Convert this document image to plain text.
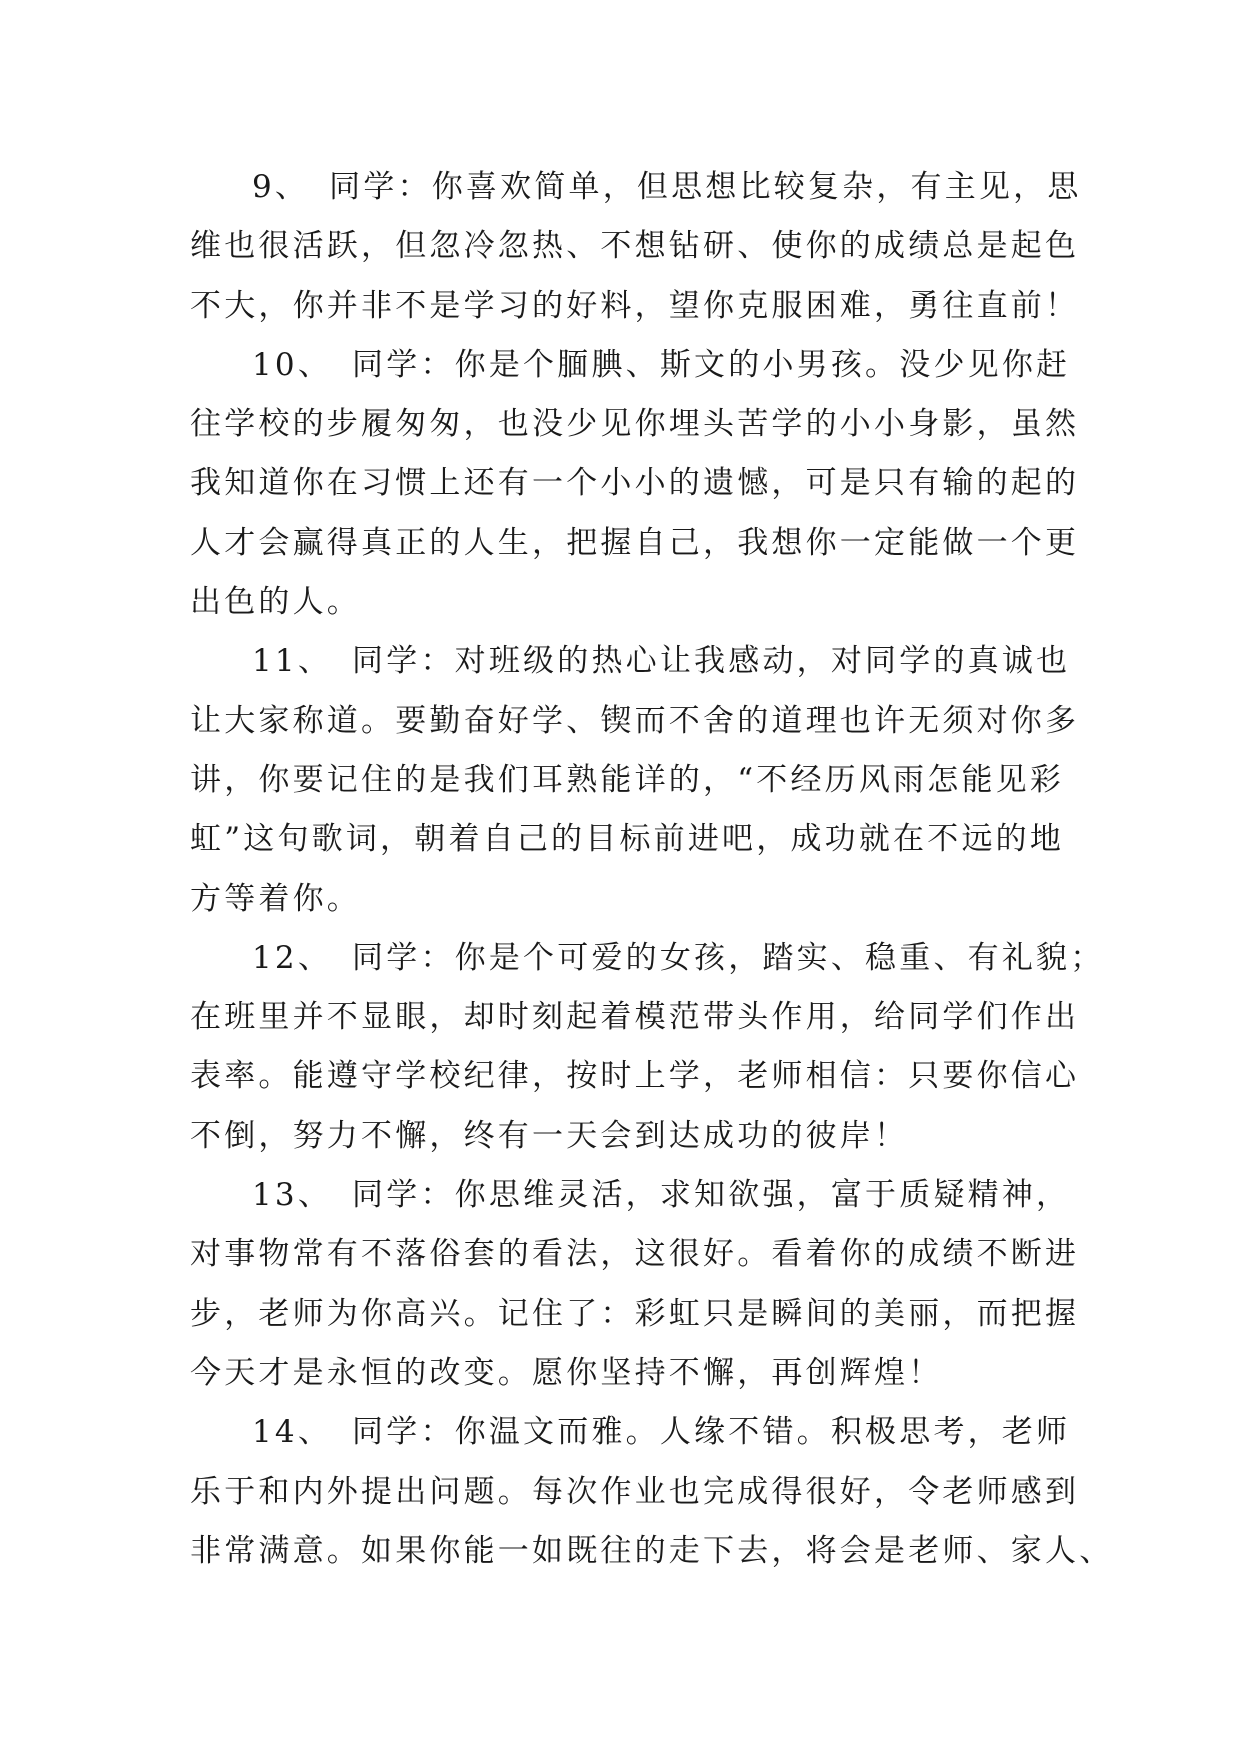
9、 同学：你喜欢简单，但思想比较复杂，有主见，思
维也很活跃，但忽冷忽热、不想钻研、使你的成绩总是起色
不大，你并非不是学习的好料，望你克服困难，勇往直前！
10、 同学：你是个腼腆、斯文的小男孩。没少见你赶
往学校的步履匆匆，也没少见你埋头苦学的小小身影，虽然
我知道你在习惯上还有一个小小的遗憾，可是只有输的起的
人才会赢得真正的人生，把握自己，我想你一定能做一个更
出色的人。
11、 同学：对班级的热心让我感动，对同学的真诚也
让大家称道。要勤奋好学、锲而不舍的道理也许无须对你多
讲，你要记住的是我们耳熟能详的，“不经历风雨怎能见彩
虹”这句歌词，朝着自己的目标前进吧，成功就在不远的地
方等着你。
12、 同学：你是个可爱的女孩，踏实、稳重、有礼貌；
在班里并不显眼，却时刻起着模范带头作用，给同学们作出
表率。能遵守学校纪律，按时上学，老师相信：只要你信心
不倒，努力不懈，终有一天会到达成功的彼岸！
13、 同学：你思维灵活，求知欲强，富于质疑精神，
对事物常有不落俗套的看法，这很好。看着你的成绩不断进
步，老师为你高兴。记住了：彩虹只是瞬间的美丽，而把握
今天才是永恒的改变。愿你坚持不懈，再创辉煌！
14、 同学：你温文而雅。人缘不错。积极思考，老师
乐于和内外提出问题。每次作业也完成得很好，令老师感到
非常满意。如果你能一如既往的走下去，将会是老师、家人、
